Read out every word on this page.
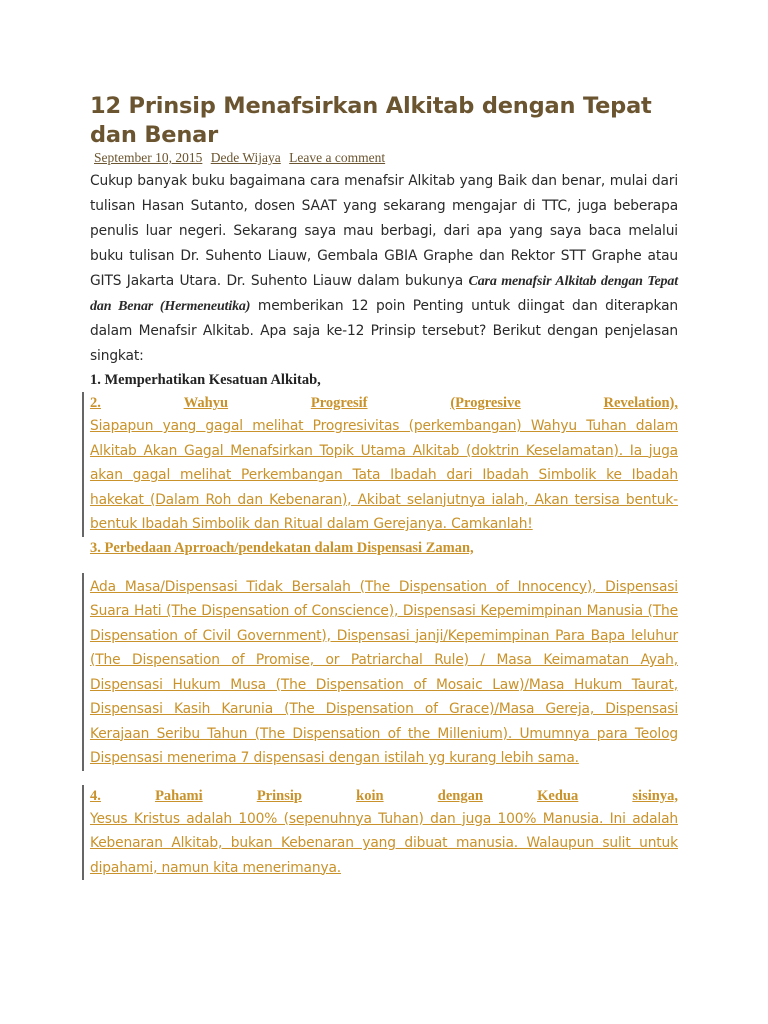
12 Prinsip Menafsirkan Alkitab dengan Tepat dan Benar
September 10, 2015 Dede Wijaya Leave a comment

Cukup banyak buku bagaimana cara menafsir Alkitab yang Baik dan benar, mulai dari tulisan Hasan Sutanto, dosen SAAT yang sekarang mengajar di TTC, juga beberapa penulis luar negeri. Sekarang saya mau berbagi, dari apa yang saya baca melalui buku tulisan Dr. Suhento Liauw, Gembala GBIA Graphe dan Rektor STT Graphe atau GITS Jakarta Utara. Dr. Suhento Liauw dalam bukunya Cara menafsir Alkitab dengan Tepat dan Benar (Hermeneutika) memberikan 12 poin Penting untuk diingat dan diterapkan dalam Menafsir Alkitab. Apa saja ke-12 Prinsip tersebut? Berikut dengan penjelasan singkat:

1. Memperhatikan Kesatuan Alkitab,
2.	Wahyu	Progresif	(Progresive	Revelation),

Siapapun yang gagal melihat Progresivitas (perkembangan) Wahyu Tuhan dalam Alkitab Akan Gagal Menafsirkan Topik Utama Alkitab (doktrin Keselamatan). Ia juga akan gagal melihat Perkembangan Tata Ibadah dari Ibadah Simbolik ke Ibadah hakekat (Dalam Roh dan Kebenaran), Akibat selanjutnya ialah, Akan tersisa bentuk-bentuk Ibadah Simbolik dan Ritual dalam Gerejanya. Camkanlah!

3. Perbedaan Aprroach/pendekatan dalam Dispensasi Zaman,

Ada Masa/Dispensasi Tidak Bersalah (The Dispensation of Innocency), Dispensasi Suara Hati (The Dispensation of Conscience), Dispensasi Kepemimpinan Manusia (The Dispensation of Civil Government), Dispensasi janji/Kepemimpinan Para Bapa leluhur (The Dispensation of Promise, or Patriarchal Rule) / Masa Keimamatan Ayah, Dispensasi Hukum Musa (The Dispensation of Mosaic Law)/Masa Hukum Taurat, Dispensasi Kasih Karunia (The Dispensation of Grace)/Masa Gereja, Dispensasi Kerajaan Seribu Tahun (The Dispensation of the Millenium). Umumnya para Teolog Dispensasi menerima 7 dispensasi dengan istilah yg kurang lebih sama.

4.	Pahami	Prinsip	koin	dengan	Kedua	sisinya,

Yesus Kristus adalah 100% (sepenuhnya Tuhan) dan juga 100% Manusia. Ini adalah Kebenaran Alkitab, bukan Kebenaran yang dibuat manusia. Walaupun sulit untuk dipahami, namun kita menerimanya.
